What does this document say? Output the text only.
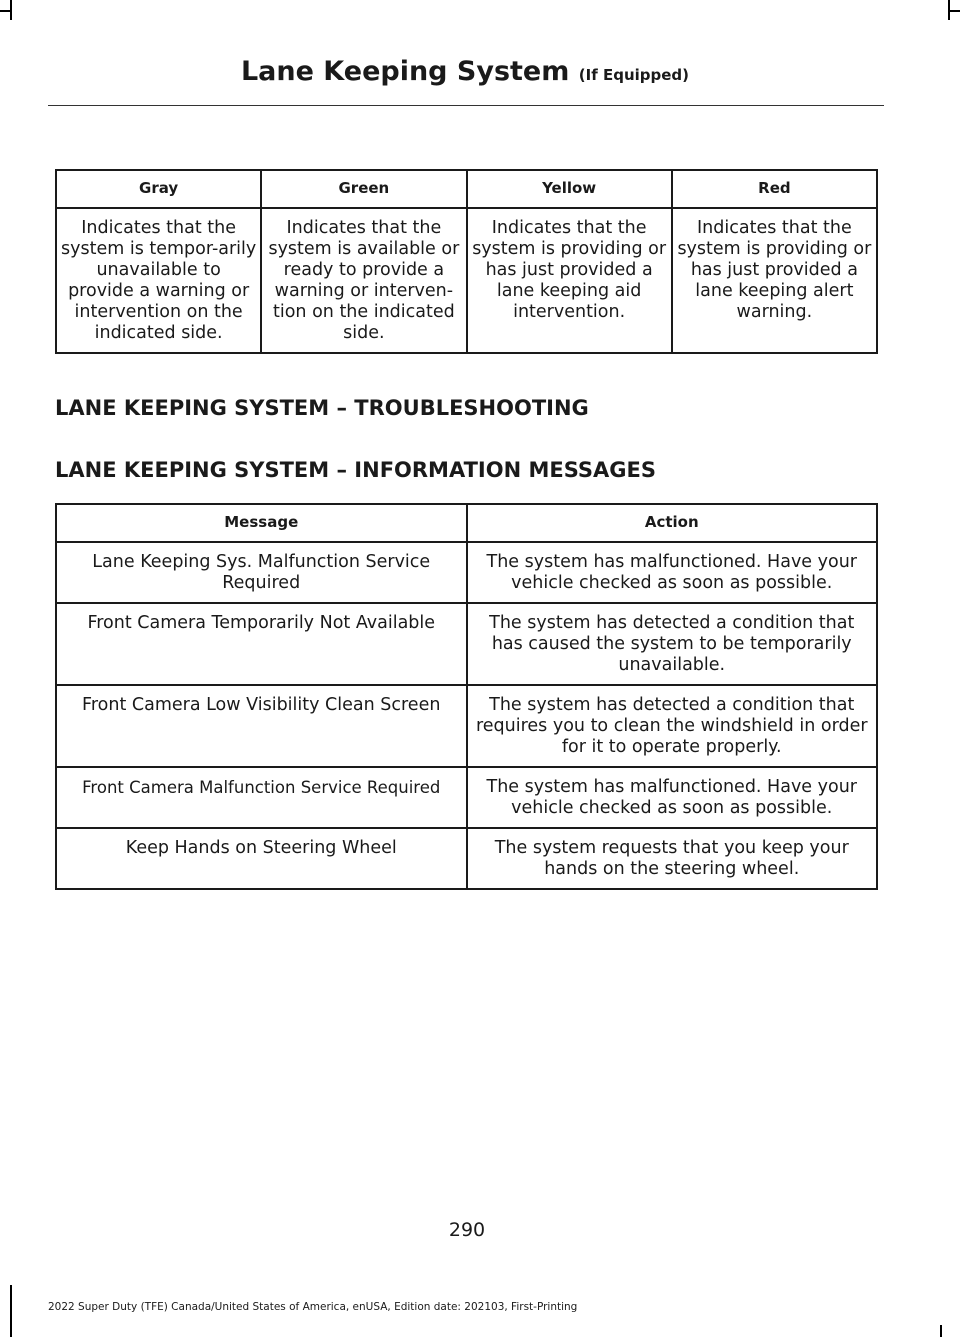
Lane Keeping System (If Equipped)
Gray	Green	Yellow	Red
Indicates that the system is tempor-arily unavailable to provide a warning or intervention on the indicated side.	Indicates that the system is available or ready to provide a warning or interven-tion on the indicated side.	Indicates that the system is providing or has just provided a lane keeping aid intervention.	Indicates that the system is providing or has just provided a lane keeping alert warning.
LANE KEEPING SYSTEM – TROUBLESHOOTING
LANE KEEPING SYSTEM – INFORMATION MESSAGES
Message	Action
Lane Keeping Sys. Malfunction Service Required	The system has malfunctioned. Have your vehicle checked as soon as possible.
Front Camera Temporarily Not Available	The system has detected a condition that has caused the system to be temporarily unavailable.
Front Camera Low Visibility Clean Screen	The system has detected a condition that requires you to clean the windshield in order for it to operate properly.
Front Camera Malfunction Service Required	The system has malfunctioned. Have your vehicle checked as soon as possible.
Keep Hands on Steering Wheel	The system requests that you keep your hands on the steering wheel.
290
2022 Super Duty (TFE) Canada/United States of America, enUSA, Edition date: 202103, First-Printing
